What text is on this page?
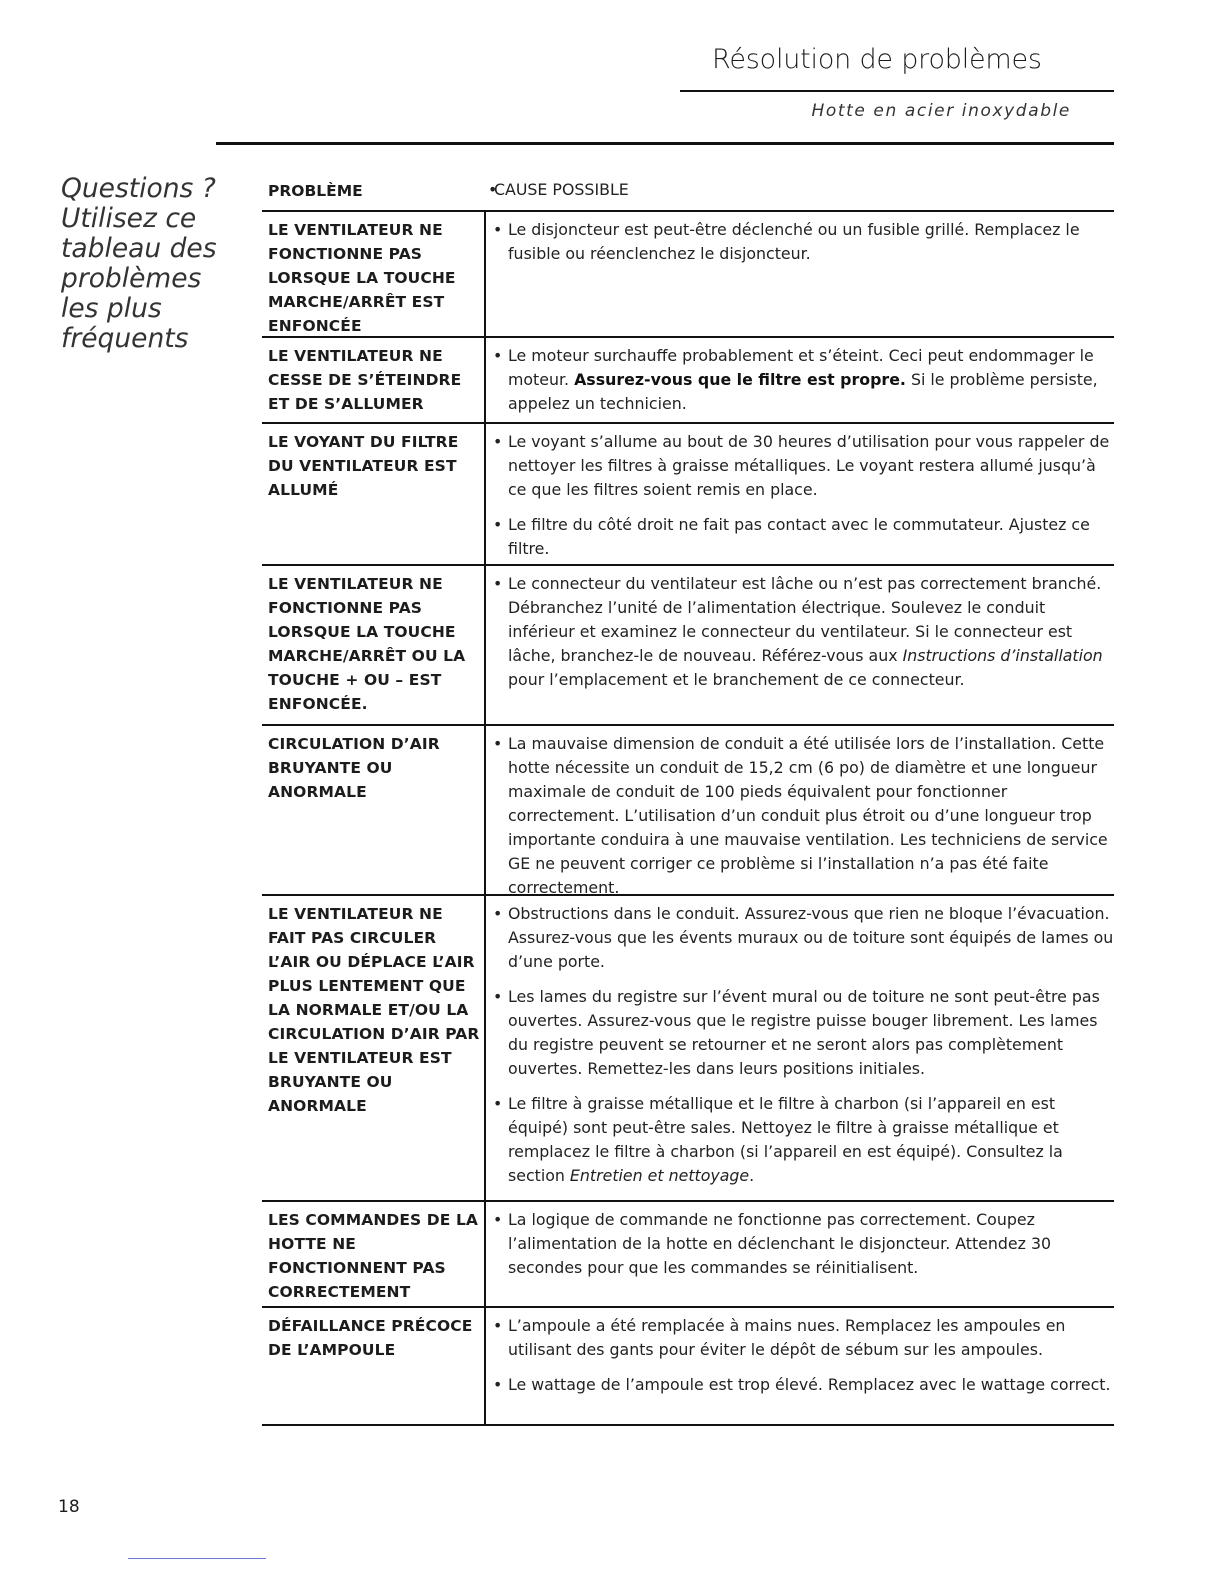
Résolution de problèmes
Hotte en acier inoxydable
Questions ?
Utilisez ce tableau des problèmes les plus fréquents
PROBLÈME
•	CAUSE POSSIBLE
LE VENTILATEUR NE FONCTIONNE PAS LORSQUE LA TOUCHE MARCHE/ARRÊT EST ENFONCÉE
• Le disjoncteur est peut-être déclenché ou un fusible grillé. Remplacez le fusible ou réenclenchez le disjoncteur.
LE VENTILATEUR NE CESSE DE S’ÉTEINDRE ET DE S’ALLUMER
• Le moteur surchauffe probablement et s’éteint. Ceci peut endommager le moteur. Assurez-vous que le filtre est propre. Si le problème persiste, appelez un technicien.
LE VOYANT DU FILTRE DU VENTILATEUR EST ALLUMÉ
• Le voyant s’allume au bout de 30 heures d’utilisation pour vous rappeler de nettoyer les filtres à graisse métalliques. Le voyant restera allumé jusqu’à ce que les filtres soient remis en place.
• Le filtre du côté droit ne fait pas contact avec le commutateur. Ajustez ce filtre.
LE VENTILATEUR NE FONCTIONNE PAS LORSQUE LA TOUCHE MARCHE/ARRÊT OU LA TOUCHE + OU – EST ENFONCÉE.
• Le connecteur du ventilateur est lâche ou n’est pas correctement branché. Débranchez l’unité de l’alimentation électrique. Soulevez le conduit inférieur et examinez le connecteur du ventilateur. Si le connecteur est lâche, branchez-le de nouveau. Référez-vous aux Instructions d’installation pour l’emplacement et le branchement de ce connecteur.
CIRCULATION D’AIR BRUYANTE OU ANORMALE
• La mauvaise dimension de conduit a été utilisée lors de l’installation. Cette hotte nécessite un conduit de 15,2 cm (6 po) de diamètre et une longueur maximale de conduit de 100 pieds équivalent pour fonctionner correctement. L’utilisation d’un conduit plus étroit ou d’une longueur trop importante conduira à une mauvaise ventilation. Les techniciens de service GE ne peuvent corriger ce problème si l’installation n’a pas été faite correctement.
LE VENTILATEUR NE FAIT PAS CIRCULER L’AIR OU DÉPLACE L’AIR PLUS LENTEMENT QUE LA NORMALE ET/OU LA CIRCULATION D’AIR PAR LE VENTILATEUR EST BRUYANTE OU ANORMALE
• Obstructions dans le conduit. Assurez-vous que rien ne bloque l’évacuation. Assurez-vous que les évents muraux ou de toiture sont équipés de lames ou d’une porte.
• Les lames du registre sur l’évent mural ou de toiture ne sont peut-être pas ouvertes. Assurez-vous que le registre puisse bouger librement. Les lames du registre peuvent se retourner et ne seront alors pas complètement ouvertes. Remettez-les dans leurs positions initiales.
• Le filtre à graisse métallique et le filtre à charbon (si l’appareil en est équipé) sont peut-être sales. Nettoyez le filtre à graisse métallique et remplacez le filtre à charbon (si l’appareil en est équipé). Consultez la section Entretien et nettoyage.
LES COMMANDES DE LA HOTTE NE FONCTIONNENT PAS CORRECTEMENT
• La logique de commande ne fonctionne pas correctement. Coupez l’alimentation de la hotte en déclenchant le disjoncteur. Attendez 30 secondes pour que les commandes se réinitialisent.
DÉFAILLANCE PRÉCOCE DE L’AMPOULE
• L’ampoule a été remplacée à mains nues. Remplacez les ampoules en utilisant des gants pour éviter le dépôt de sébum sur les ampoules.
• Le wattage de l’ampoule est trop élevé. Remplacez avec le wattage correct.
18
